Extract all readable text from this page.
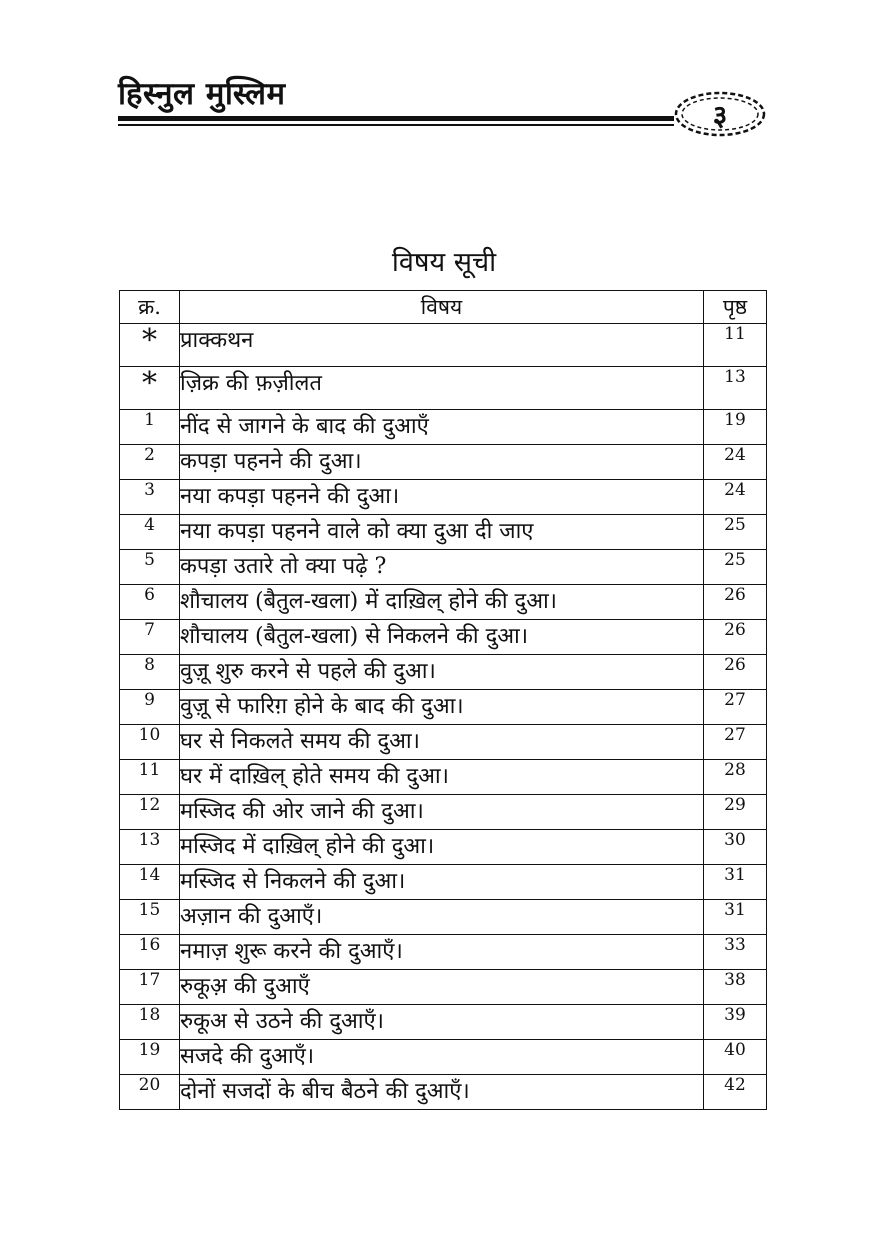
हिस्नुल मुस्लिम
३
विषय सूची
क्र.	विषय	पृष्ठ
*	प्राक्कथन	11
*	ज़िक्र की फ़ज़ीलत	13
1	नींद से जागने के बाद की दुआएँ	19
2	कपड़ा पहनने की दुआ।	24
3	नया कपड़ा पहनने की दुआ।	24
4	नया कपड़ा पहनने वाले को क्या दुआ दी जाए	25
5	कपड़ा उतारे तो क्या पढ़े ?	25
6	शौचालय (बैतुल-खला) में दाख़िल् होने की दुआ।	26
7	शौचालय (बैतुल-खला) से निकलने की दुआ।	26
8	वुज़ू शुरु करने से पहले की दुआ।	26
9	वुज़ू से फारिग़ होने के बाद की दुआ।	27
10	घर से निकलते समय की दुआ।	27
11	घर में दाख़िल् होते समय की दुआ।	28
12	मस्जिद की ओर जाने की दुआ।	29
13	मस्जिद में दाख़िल् होने की दुआ।	30
14	मस्जिद से निकलने की दुआ।	31
15	अज़ान की दुआएँ।	31
16	नमाज़ शुरू करने की दुआएँ।	33
17	रुकूअ़ की दुआएँ	38
18	रुकूअ से उठने की दुआएँ।	39
19	सजदे की दुआएँ।	40
20	दोनों सजदों के बीच बैठने की दुआएँ।	42
